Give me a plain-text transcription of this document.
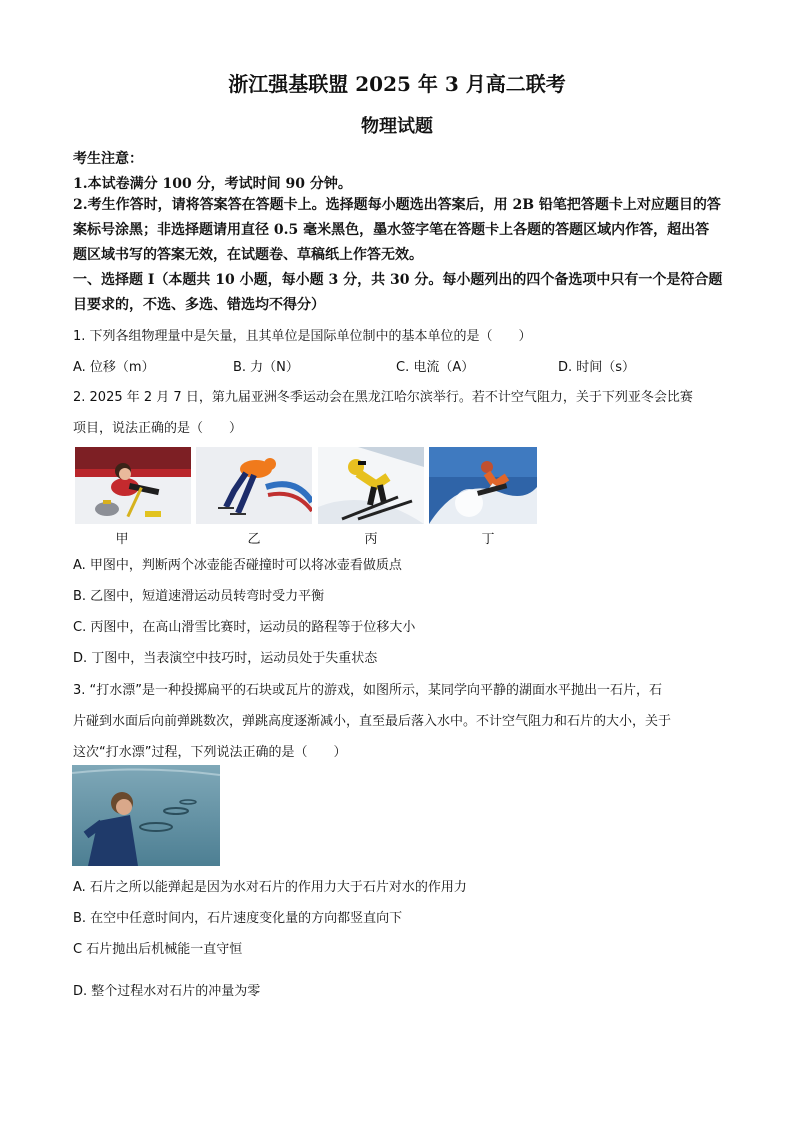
浙江强基联盟 2025 年 3 月高二联考
物理试题
考生注意：
1.本试卷满分 100 分，考试时间 90 分钟。
2.考生作答时，请将答案答在答题卡上。选择题每小题选出答案后，用 2B 铅笔把答题卡上对应题目的答案标号涂黑；非选择题请用直径 0.5 毫米黑色，墨水签字笔在答题卡上各题的答题区域内作答，超出答题区域书写的答案无效，在试题卷、草稿纸上作答无效。
一、选择题 I（本题共 10 小题，每小题 3 分，共 30 分。每小题列出的四个备选项中只有一个是符合题目要求的，不选、多选、错选均不得分）
1. 下列各组物理量中是矢量，且其单位是国际单位制中的基本单位的是（　　）
A. 位移（m）	B. 力（N）	C. 电流（A）	D. 时间（s）
2. 2025 年 2 月 7 日，第九届亚洲冬季运动会在黑龙江哈尔滨举行。若不计空气阻力，关于下列亚冬会比赛
项目，说法正确的是（　　）
甲	乙	丙	丁
A. 甲图中，判断两个冰壶能否碰撞时可以将冰壶看做质点
B. 乙图中，短道速滑运动员转弯时受力平衡
C. 丙图中，在高山滑雪比赛时，运动员的路程等于位移大小
D. 丁图中，当表演空中技巧时，运动员处于失重状态
3. “打水漂”是一种投掷扁平的石块或瓦片的游戏，如图所示，某同学向平静的湖面水平抛出一石片，石
片碰到水面后向前弹跳数次，弹跳高度逐渐减小，直至最后落入水中。不计空气阻力和石片的大小，关于
这次“打水漂”过程，下列说法正确的是（　　）
A. 石片之所以能弹起是因为水对石片的作用力大于石片对水的作用力
B. 在空中任意时间内，石片速度变化量的方向都竖直向下
C 石片抛出后机械能一直守恒
D. 整个过程水对石片的冲量为零
